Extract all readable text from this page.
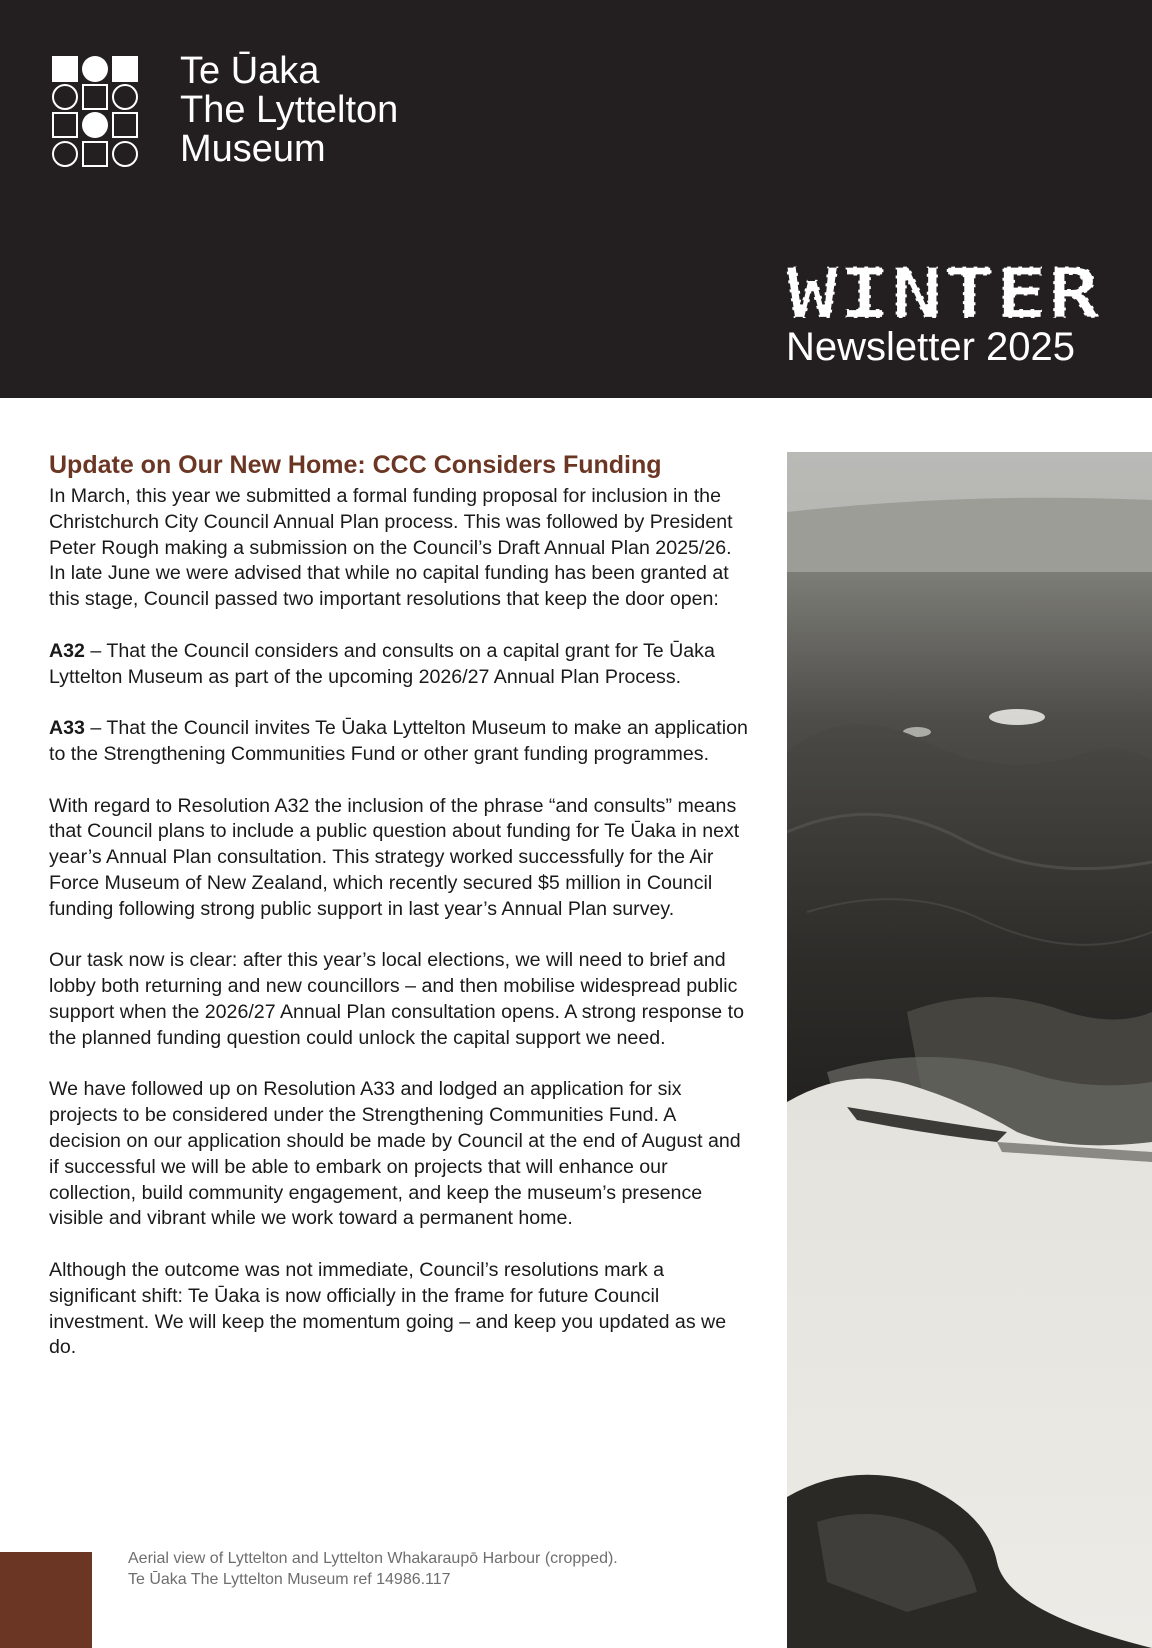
Te Ūaka
The Lyttelton
Museum
WINTER
Newsletter 2025
Update on Our New Home: CCC Considers Funding

In March, this year we submitted a formal funding proposal for inclusion in the Christchurch City Council Annual Plan process. This was followed by President Peter Rough making a submission on the Council’s Draft Annual Plan 2025/26. In late June we were advised that while no capital funding has been granted at this stage, Council passed two important resolutions that keep the door open:

A32 – That the Council considers and consults on a capital grant for Te Ūaka Lyttelton Museum as part of the upcoming 2026/27 Annual Plan Process.

A33 – That the Council invites Te Ūaka Lyttelton Museum to make an application to the Strengthening Communities Fund or other grant funding programmes.

With regard to Resolution A32 the inclusion of the phrase “and consults” means that Council plans to include a public question about funding for Te Ūaka in next year’s Annual Plan consultation. This strategy worked successfully for the Air Force Museum of New Zealand, which recently secured $5 million in Council funding following strong public support in last year’s Annual Plan survey.

Our task now is clear: after this year’s local elections, we will need to brief and lobby both returning and new councillors – and then mobilise widespread public support when the 2026/27 Annual Plan consultation opens. A strong response to the planned funding question could unlock the capital support we need.

We have followed up on Resolution A33 and lodged an application for six projects to be considered under the Strengthening Communities Fund. A decision on our application should be made by Council at the end of August and if successful we will be able to embark on projects that will enhance our collection, build community engagement, and keep the museum’s presence visible and vibrant while we work toward a permanent home.

Although the outcome was not immediate, Council’s resolutions mark a significant shift: Te Ūaka is now officially in the frame for future Council investment. We will keep the momentum going – and keep you updated as we do.

Aerial view of Lyttelton and Lyttelton Whakaraupō Harbour (cropped).
Te Ūaka The Lyttelton Museum ref 14986.117
